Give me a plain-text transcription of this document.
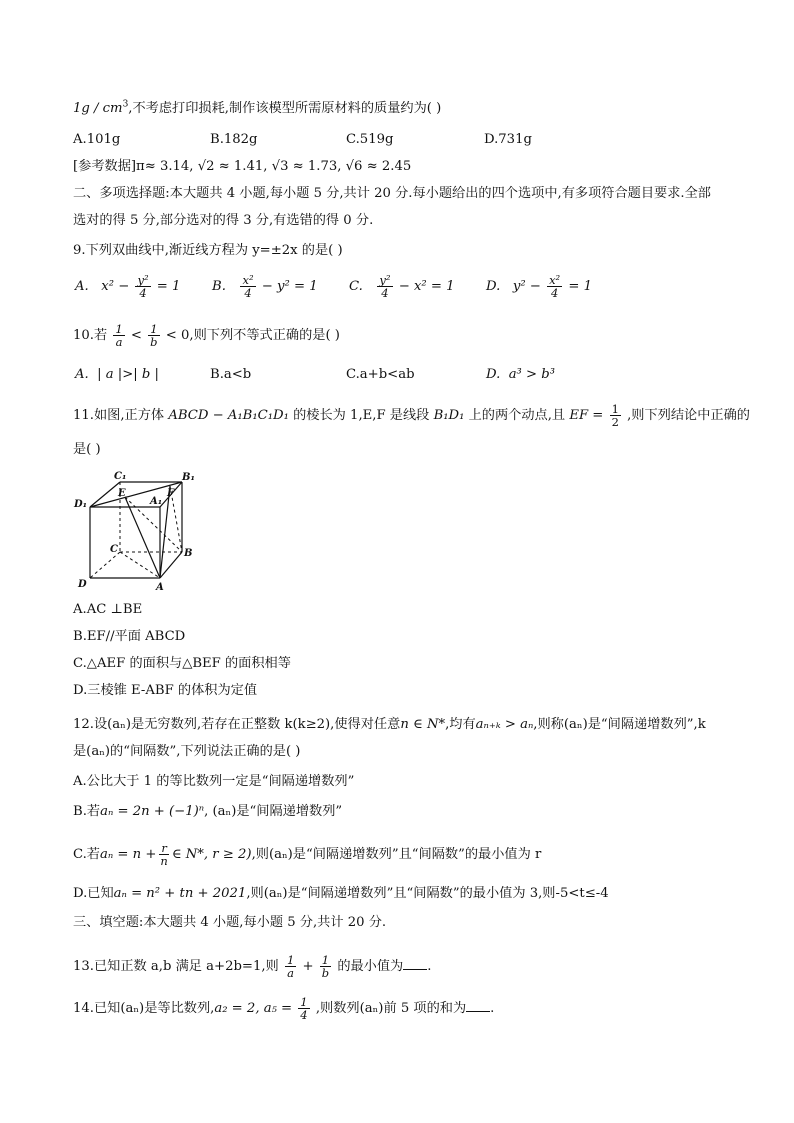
$1g / cm^3$,不考虑打印损耗,制作该模型所需原材料的质量约为( )
A.101g	B.182g	C.519g	D.731g
[参考数据]π≈ 3.14, √2 ≈ 1.41, √3 ≈ 1.73, √6 ≈ 2.45
二、多项选择题:本大题共 4 小题,每小题 5 分,共计 20 分.每小题给出的四个选项中,有多项符合题目要求.全部
选对的得 5 分,部分选对的得 3 分,有选错的得 0 分.
9.下列双曲线中,渐近线方程为 y=±2x 的是( )
A. $x^2 - \frac{\text{y²}}{4} = 1$ B. $\frac{\text{x²}}{4} - y^2 = 1$ C. $\frac{\text{y²}}{4} - x^2 = 1$ D. $y^2 - \frac{\text{x²}}{4} = 1$
10.若 $\frac{1}{a} < \frac{1}{b} < 0$,则下列不等式正确的是( )
A. | a |>| b |	B.a<b	C.a+b<ab	D. a³ > b³
11.如图,正方体 ABCD − A₁B₁C₁D₁ 的棱长为 1,E,F 是线段 B₁D₁ 上的两个动点,且 EF = $\frac{1}{2}$ ,则下列结论中正确的
是( )
C₁	B₁
A₁
D₁
E	F
C	B
D	A
A.AC ⊥BE
B.EF//平面 ABCD
C.△AEF 的面积与△BEF 的面积相等
D.三棱锥 E-ABF 的体积为定值
12.设(aₙ)是无穷数列,若存在正整数 k(k≥2),使得对任意n ∈ N*,均有aₙ₊ₖ > aₙ,则称(aₙ)是“间隔递增数列”,k
是(aₙ)的“间隔数”,下列说法正确的是( )
A.公比大于 1 的等比数列一定是“间隔递增数列”
B.若aₙ = 2n + (−1)ⁿ, (aₙ)是“间隔递增数列”
C.若$a_n = n + \frac{r}{n}$ ∈ N*, r ≥ 2),则(aₙ)是“间隔递增数列”且“间隔数”的最小值为 r
D.已知aₙ = n² + tn + 2021,则(aₙ)是“间隔递增数列”且“间隔数”的最小值为 3,则-5<t≤-4
三、填空题:本大题共 4 小题,每小题 5 分,共计 20 分.
13.已知正数 a,b 满足 a+2b=1,则 $\frac{1}{a} + \frac{1}{b}$ 的最小值为 .
14.已知(aₙ)是等比数列,a₂ = 2, $a_5 = \frac{1}{4}$ ,则数列(aₙ)前 5 项的和为 .
